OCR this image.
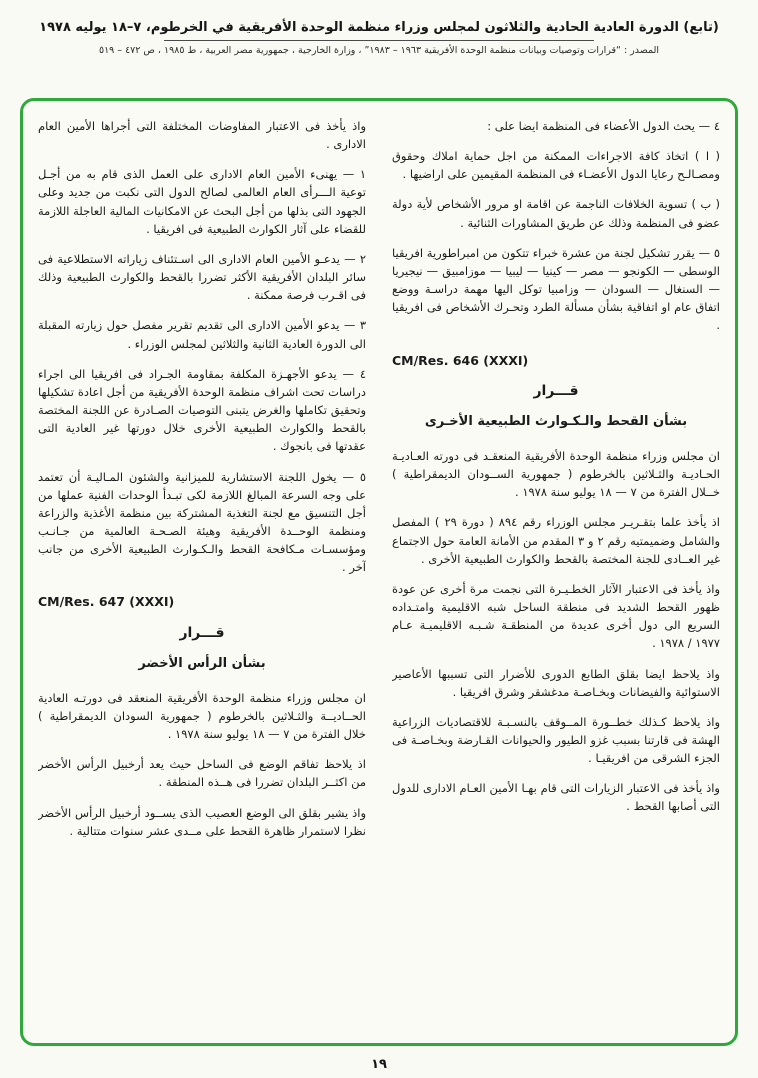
(تابع) الدورة العادية الحادية والثلاثون لمجلس وزراء منظمة الوحدة الأفريقية في الخرطوم، ٧–١٨ يوليه ١٩٧٨
المصدر : “قرارات وتوصيات وبيانات منظمة الوحدة الأفريقية ١٩٦٣ – ١٩٨٣” ، وزارة الخارجية ، جمهورية مصر العربية ، ط ١٩٨٥ ، ص ٤٧٢ – ٥١٩

٤ — يحث الدول الأعضاء فى المنظمة ايضا على :

( ا ) اتخاذ كافة الاجراءات الممكنة من اجل حماية املاك وحقوق ومصـالـح رعايا الدول الأعضـاء فى المنظمة المقيمين على اراضيها .

( ب ) تسوية الخلافات الناجمة عن اقامة او مرور الأشخاص لأية دولة عضو فى المنظمة وذلك عن طريق المشاورات الثنائية .

٥ — يقرر تشكيل لجنة من عشرة خبراء تتكون من امبراطورية افريقيا الوسطى — الكونجو — مصر — كينيا — ليبيا — موزامبيق — نيجيريا — السنغال — السودان — وزامبيا توكل اليها مهمة دراسـة ووضع اتفاق عام او اتفاقية بشأن مسألة الطرد وتحـرك الأشخاص فى افريقيا .

CM/Res. 646 (XXXI)

قـــرار

بشأن القحط والـكـوارث الطبيعية الأخـرى

ان مجلس وزراء منظمة الوحدة الأفريقية المنعقـد فى دورته العـاديـة الحـاديـة والثـلاثين بالخرطوم ( جمهورية الســودان الديمقراطية ) خــلال الفترة من ٧ — ١٨ يوليو سنة ١٩٧٨ .

اذ يأخذ علما بتقـريـر مجلس الوزراء رقم ٨٩٤ ( دورة ٢٩ ) المفصل والشامل وضميمتيه رقم ٢ و ٣ المقدم من الأمانة العامة حول الاجتماع غير العــادى للجنة المختصة بالقحط والكوارث الطبيعية الأخرى .

واذ يأخذ فى الاعتبار الآثار الخطـيـرة التى نجمت مرة أخرى عن عودة ظهور القحط الشديد فى منطقة الساحل شبه الاقليمية وامتـداده السريع الى دول أخرى عديدة من المنطقـة شـبـه الاقليميـة عـام ١٩٧٧ / ١٩٧٨ .

واذ يلاحظ ايضا بقلق الطابع الدورى للأضرار التى تسببها الأعاصير الاستوائية والفيضانات وبخـاصـة مدغشقر وشرق افريقيا .

واذ يلاحظ كـذلك خطــورة المــوقف بالنسـبـة للاقتصاديات الزراعية الهشة فى قارتنا بسبب غزو الطيور والحيوانات القـارضة وبخـاصـة فى الجزء الشرقى من افريقيـا .

واذ يأخذ فى الاعتبار الزيارات التى قام بهـا الأمين العـام الادارى للدول التى أصابها القحط .

واذ يأخذ فى الاعتبار المفاوضات المختلفة التى أجراها الأمين العام الادارى .

١ — يهنىء الأمين العام الادارى على العمل الذى قام به من أجـل توعية الـــرأى العام العالمى لصالح الدول التى نكبت من جديد وعلى الجهود التى بذلها من أجل البحث عن الامكانيات المالية العاجلة اللازمة للقضاء على آثار الكوارث الطبيعية فى افريقيا .

٢ — يدعـو الأمين العام الادارى الى اسـتئناف زياراته الاستطلاعية فى سائر البلدان الأفريقية الأكثر تضررا بالقحط والكوارث الطبيعية وذلك فى اقـرب فرصة ممكنة .

٣ — يدعو الأمين الادارى الى تقديم تقرير مفصل حول زيارته المقبلة الى الدورة العادية الثانية والثلاثين لمجلس الوزراء .

٤ — يدعو الأجهـزة المكلفة بمقاومة الجـراد فى افريقيا الى اجراء دراسات تحت اشراف منظمة الوحدة الأفريقية من أجل اعادة تشكيلها وتحقيق تكاملها والغرض يتبنى التوصيات الصـادرة عن اللجنة المختصة بالقحط والكوارث الطبيعية الأخرى خلال دورتها غير العادية التى عقدتها فى بانجوك .

٥ — يخول اللجنة الاستشارية للميزانية والشئون المـاليـة أن تعتمد على وجه السرعة المبالغ اللازمة لكى تبـدأ الوحدات الفنية عملها من أجل التنسيق مع لجنة التغذية المشتركة بين منظمة الأغذية والزراعة ومنظمة الوحــدة الأفريقية وهيئة الصـحـة العالمية من جـانـب ومؤسسـات مـكافحة القحط والـكـوارث الطبيعية الأخرى من جانب آخر .

CM/Res. 647 (XXXI)

قـــرار

بشأن الرأس الأخضر

ان مجلس وزراء منظمة الوحدة الأفريقية المنعقد فى دورتـه العادية الحــاديــة والثـلاثين بالخرطوم ( جمهورية السودان الديمقراطية ) خلال الفترة من ٧ — ١٨ يوليو سنة ١٩٧٨ .

اذ يلاحظ تفاقم الوضع فى الساحل حيث يعد أرخبيل الرأس الأخضر من اكثــر البلدان تضررا فى هــذه المنطقة .

واذ يشير بقلق الى الوضع العصيب الذى يســود أرخبيل الرأس الأخضر نظرا لاستمرار ظاهرة القحط على مــدى عشر سنوات متتالية .

١٩
